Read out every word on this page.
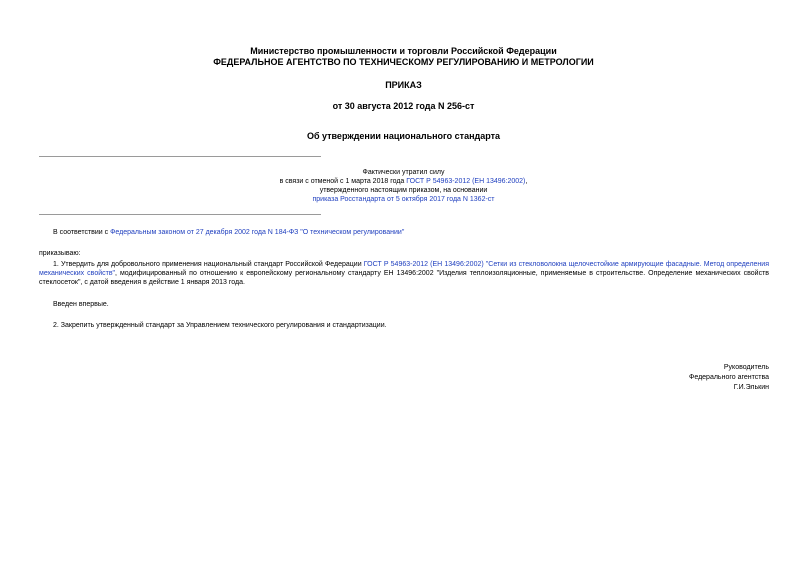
Министерство промышленности и торговли Российской Федерации
ФЕДЕРАЛЬНОЕ АГЕНТСТВО ПО ТЕХНИЧЕСКОМУ РЕГУЛИРОВАНИЮ И МЕТРОЛОГИИ
ПРИКАЗ
от 30 августа 2012 года N 256-ст
Об утверждении национального стандарта
Фактически утратил силу
в связи с отменой с 1 марта 2018 года ГОСТ Р 54963-2012 (ЕН 13496:2002),
утвержденного настоящим приказом, на основании
приказа Росстандарта от 5 октября 2017 года N 1362-ст
В соответствии с Федеральным законом от 27 декабря 2002 года N 184-ФЗ "О техническом регулировании"
приказываю:
1. Утвердить для добровольного применения национальный стандарт Российской Федерации ГОСТ Р 54963-2012 (ЕН 13496:2002) "Сетки из стекловолокна щелочестойкие армирующие фасадные. Метод определения механических свойств", модифицированный по отношению к европейскому региональному стандарту ЕН 13496:2002 "Изделия теплоизоляционные, применяемые в строительстве. Определение механических свойств стеклосеток", с датой введения в действие 1 января 2013 года.
Введен впервые.
2. Закрепить утвержденный стандарт за Управлением технического регулирования и стандартизации.
Руководитель
Федерального агентства
Г.И.Элькин
